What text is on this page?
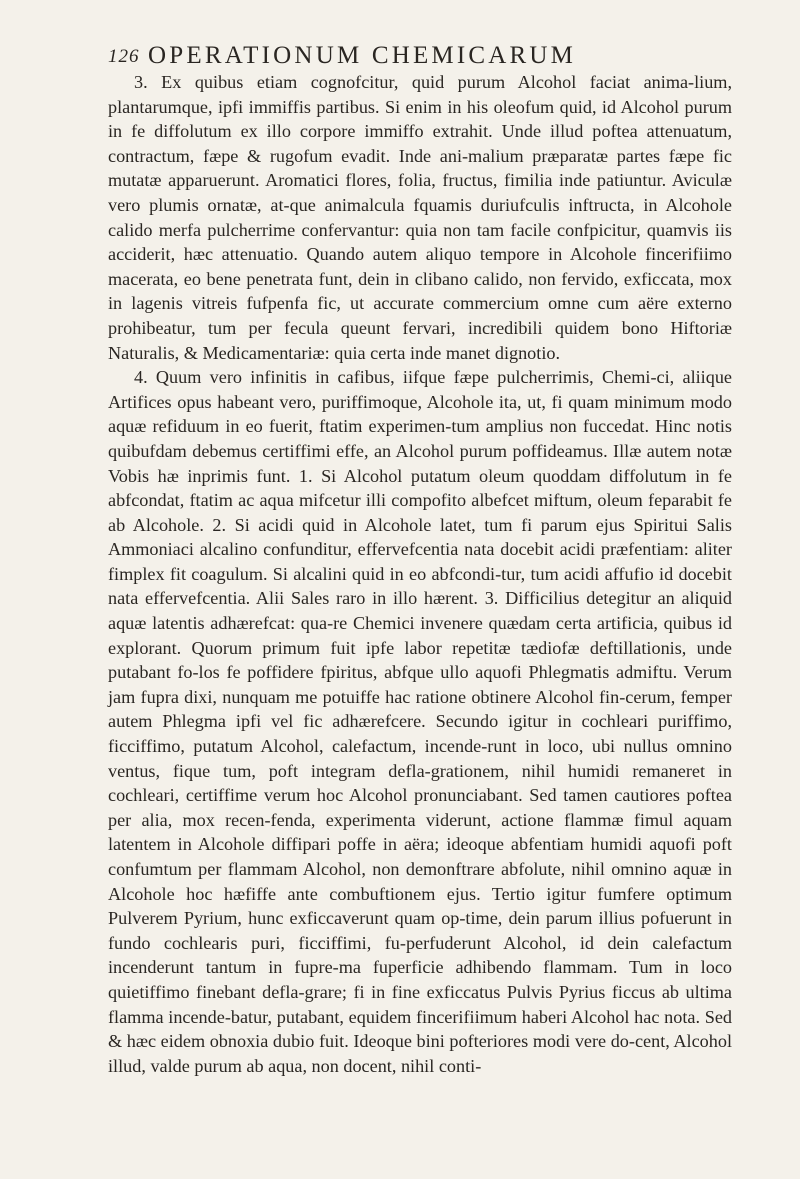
126 OPERATIONUM CHEMICARUM

3. Ex quibus etiam cognofcitur, quid purum Alcohol faciat anima-lium, plantarumque, ipfi immiffis partibus. Si enim in his oleofum quid, id Alcohol purum in fe diffolutum ex illo corpore immiffo extrahit. Unde illud poftea attenuatum, contractum, fæpe & rugofum evadit. Inde ani-malium præparatæ partes fæpe fic mutatæ apparuerunt. Aromatici flores, folia, fructus, fimilia inde patiuntur. Aviculæ vero plumis ornatæ, at-que animalcula fquamis duriufculis inftructa, in Alcohole calido merfa pulcherrime confervantur: quia non tam facile confpicitur, quamvis iis acciderit, hæc attenuatio. Quando autem aliquo tempore in Alcohole fincerifiimo macerata, eo bene penetrata funt, dein in clibano calido, non fervido, exficcata, mox in lagenis vitreis fufpenfa fic, ut accurate commercium omne cum aëre externo prohibeatur, tum per fecula queunt fervari, incredibili quidem bono Hiftoriæ Naturalis, & Medicamentariæ: quia certa inde manet dignotio.

4. Quum vero infinitis in cafibus, iifque fæpe pulcherrimis, Chemi-ci, aliique Artifices opus habeant vero, puriffimoque, Alcohole ita, ut, fi quam minimum modo aquæ refiduum in eo fuerit, ftatim experimen-tum amplius non fuccedat. Hinc notis quibufdam debemus certiffimi effe, an Alcohol purum poffideamus. Illæ autem notæ Vobis hæ inprimis funt. 1. Si Alcohol putatum oleum quoddam diffolutum in fe abfcondat, ftatim ac aqua mifcetur illi compofito albefcet miftum, oleum feparabit fe ab Alcohole. 2. Si acidi quid in Alcohole latet, tum fi parum ejus Spiritui Salis Ammoniaci alcalino confunditur, effervefcentia nata docebit acidi præfentiam: aliter fimplex fit coagulum. Si alcalini quid in eo abfcondi-tur, tum acidi affufio id docebit nata effervefcentia. Alii Sales raro in illo hærent. 3. Difficilius detegitur an aliquid aquæ latentis adhærefcat: qua-re Chemici invenere quædam certa artificia, quibus id explorant. Quorum primum fuit ipfe labor repetitæ tædiofæ deftillationis, unde putabant fo-los fe poffidere fpiritus, abfque ullo aquofi Phlegmatis admiftu. Verum jam fupra dixi, nunquam me potuiffe hac ratione obtinere Alcohol fin-cerum, femper autem Phlegma ipfi vel fic adhærefcere. Secundo igitur in cochleari puriffimo, ficciffimo, putatum Alcohol, calefactum, incende-runt in loco, ubi nullus omnino ventus, fique tum, poft integram defla-grationem, nihil humidi remaneret in cochleari, certiffime verum hoc Alcohol pronunciabant. Sed tamen cautiores poftea per alia, mox recen-fenda, experimenta viderunt, actione flammæ fimul aquam latentem in Alcohole diffipari poffe in aëra; ideoque abfentiam humidi aquofi poft confumtum per flammam Alcohol, non demonftrare abfolute, nihil omnino aquæ in Alcohole hoc hæfiffe ante combuftionem ejus. Tertio igitur fumfere optimum Pulverem Pyrium, hunc exficcaverunt quam op-time, dein parum illius pofuerunt in fundo cochlearis puri, ficciffimi, fu-perfuderunt Alcohol, id dein calefactum incenderunt tantum in fupre-ma fuperficie adhibendo flammam. Tum in loco quietiffimo finebant defla-grare; fi in fine exficcatus Pulvis Pyrius ficcus ab ultima flamma incende-batur, putabant, equidem fincerifiimum haberi Alcohol hac nota. Sed & hæc eidem obnoxia dubio fuit. Ideoque bini pofteriores modi vere do-cent, Alcohol illud, valde purum ab aqua, non docent, nihil conti-
